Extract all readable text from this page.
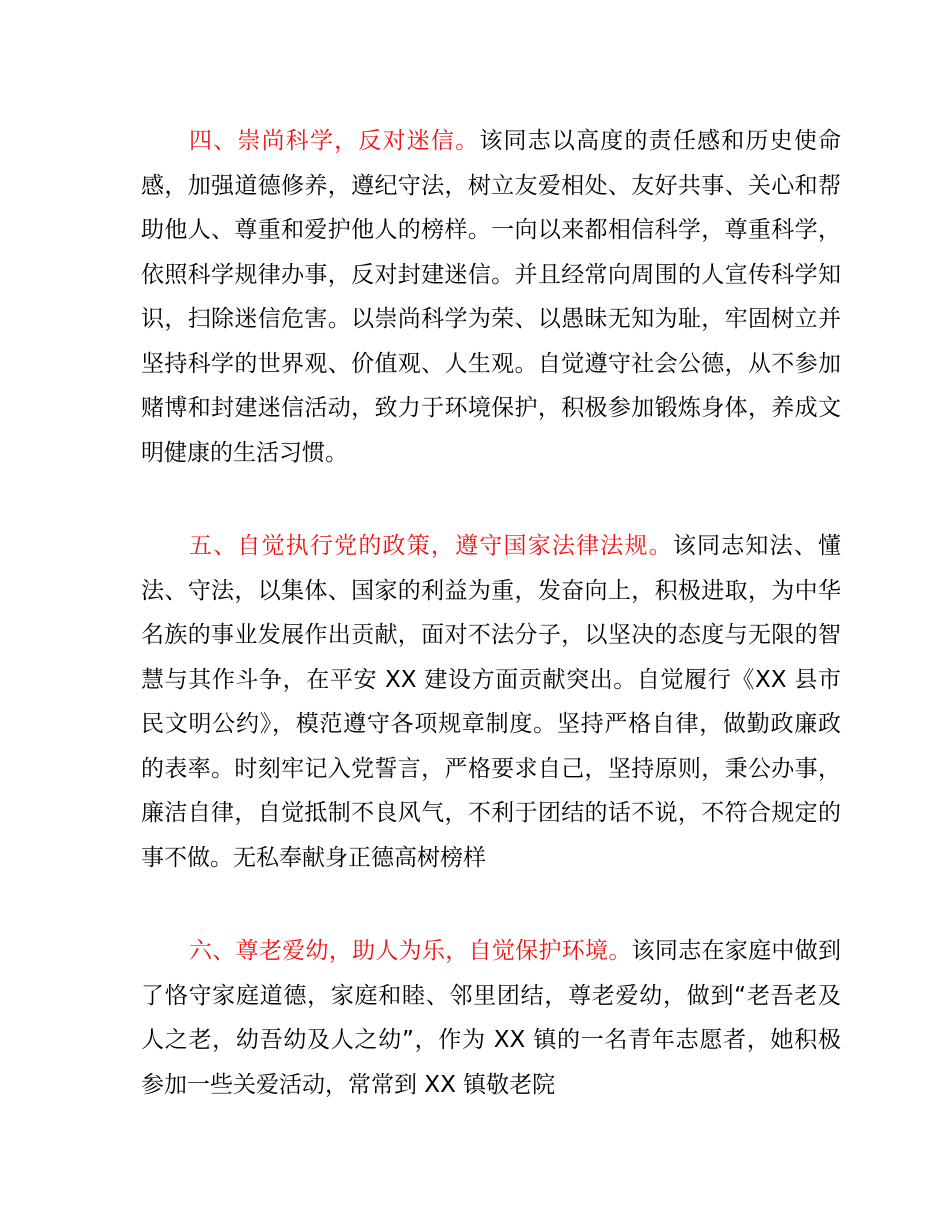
四、崇尚科学，反对迷信。该同志以高度的责任感和历史使命感，加强道德修养，遵纪守法，树立友爱相处、友好共事、关心和帮助他人、尊重和爱护他人的榜样。一向以来都相信科学，尊重科学，依照科学规律办事，反对封建迷信。并且经常向周围的人宣传科学知识，扫除迷信危害。以崇尚科学为荣、以愚昧无知为耻，牢固树立并坚持科学的世界观、价值观、人生观。自觉遵守社会公德，从不参加赌博和封建迷信活动，致力于环境保护，积极参加锻炼身体，养成文明健康的生活习惯。

五、自觉执行党的政策，遵守国家法律法规。该同志知法、懂法、守法，以集体、国家的利益为重，发奋向上，积极进取，为中华名族的事业发展作出贡献，面对不法分子，以坚决的态度与无限的智慧与其作斗争，在平安 XX 建设方面贡献突出。自觉履行《XX 县市民文明公约》，模范遵守各项规章制度。坚持严格自律，做勤政廉政的表率。时刻牢记入党誓言，严格要求自己，坚持原则，秉公办事，廉洁自律，自觉抵制不良风气，不利于团结的话不说，不符合规定的事不做。无私奉献身正德高树榜样

六、尊老爱幼，助人为乐，自觉保护环境。该同志在家庭中做到了恪守家庭道德，家庭和睦、邻里团结，尊老爱幼，做到“老吾老及人之老，幼吾幼及人之幼”，作为 XX 镇的一名青年志愿者，她积极参加一些关爱活动，常常到 XX 镇敬老院
